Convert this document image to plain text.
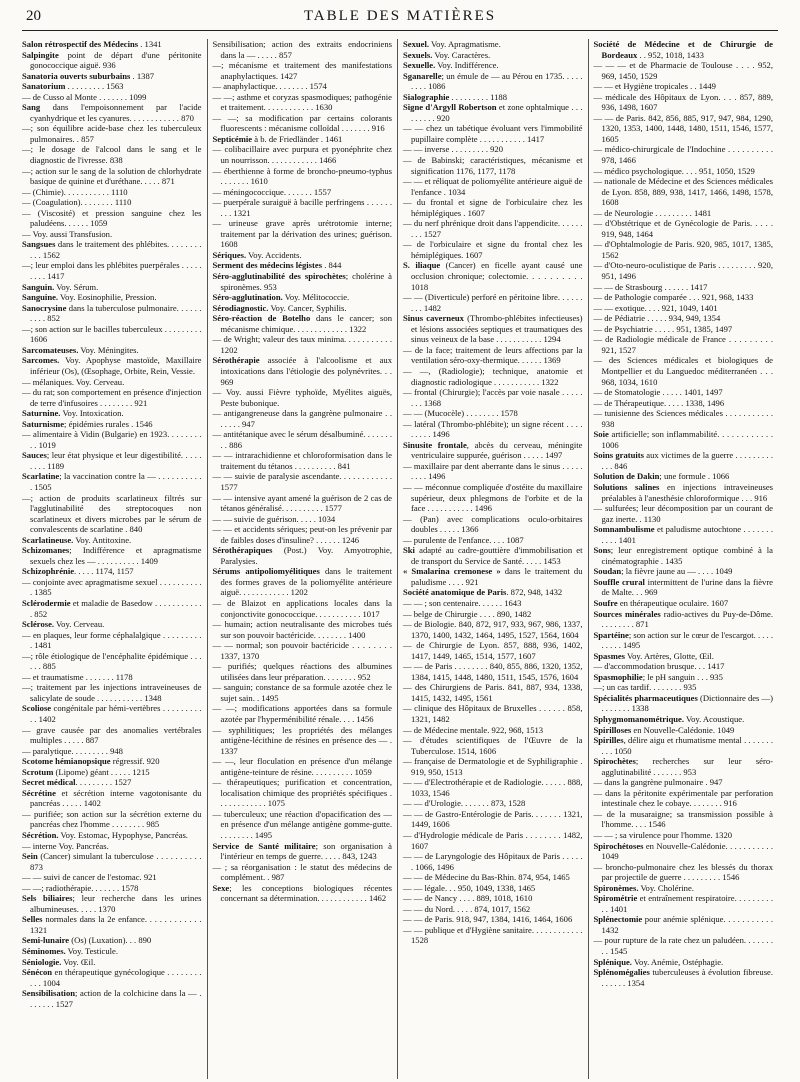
20	TABLE DES MATIÈRES

Salon rétrospectif des Médecins . 1341

Salpingite point de départ d'une péritonite gonococcique aiguë. 936

Sanatoria ouverts suburbains . 1387

Sanatorium . . . . . . . . . 1563

— de Cusso al Monte . . . . . . . 1099

Sang dans l'empoisonnement par l'acide cyanhydrique et les cyanures. . . . . . . . . . . . 870

—; son équilibre acide-base chez les tuberculeux pulmonaires. . 857

—; le dosage de l'alcool dans le sang et le diagnostic de l'ivresse. 838

—; action sur le sang de la solution de chlorhydrate basique de quinine et d'uréthane. . . . . 871

— (Chimie). . . . . . . . . . . 1110

— (Coagulation). . . . . . . . 1110

— (Viscosité) et pression sanguine chez les paludéens. . . . . . 1059

— Voy. aussi Transfusion.

Sangsues dans le traitement des phlébites. . . . . . . . . . . 1562

—; leur emploi dans les phlébites puerpérales . . . . . . . . . 1417

Sanguin. Voy. Sérum.

Sanguine. Voy. Eosinophilie, Pression.

Sanocrysine dans la tuberculose pulmonaire. . . . . . . . . . 852

—; son action sur le bacilles tuberculeux . . . . . . . . . 1606

Sarcomateuses. Voy. Méningites.

Sarcomes. Voy. Apophyse mastoïde, Maxillaire inférieur (Os), (Œsophage, Orbite, Rein, Vessie.

— mélaniques. Voy. Cerveau.

— du rat; son comportement en présence d'injection de terre d'infusoires . . . . . . . . 921

Saturnine. Voy. Intoxication.

Saturnisme; épidémies rurales . 1546

— alimentaire à Vidin (Bulgarie) en 1923. . . . . . . . . . 1019

Sauces; leur état physique et leur digestibilité. . . . . . . . . 1189

Scarlatine; la vaccination contre la — . . . . . . . . . . . 1505

—; action de produits scarlatineux filtrés sur l'agglutinabilité des streptocoques non scarlatineux et divers microbes par le sérum de convalescents de scarlatine . 840

Scarlatineuse. Voy. Antitoxine.

Schizomanes; Indifférence et apragmatisme sexuels chez les — . . . . . . . . . . 1409

Schizophrénie. . . . . 1174, 1157

— conjointe avec apragmatisme sexuel . . . . . . . . . . . 1385

Sclérodermie et maladie de Basedow . . . . . . . . . . . . 852

Sclérose. Voy. Cerveau.

— en plaques, leur forme céphalalgique . . . . . . . . . . 1481

—; rôle étiologique de l'encéphalite épidémique . . . . . . 885

— et traumatisme . . . . . . . 1178

—; traitement par les injections intraveineuses de salicylate de soude . . . . . . . . . . . 1348

Scoliose congénitale par hémi-vertèbres . . . . . . . . . . . 1402

— grave causée par des anomalies vertébrales multiples . . . . . 887

— paralytique. . . . . . . . . 948

Scotome hémianopsique régressif. 920

Scrotum (Lipome) géant . . . . . 1215

Secret médical. . . . . . . . . 1527

Sécrétine et sécrétion interne vagotonisante du pancréas . . . . . 1402

— purifiée; son action sur la sécrétion externe du pancréas chez l'homme . . . . . . . . 985

Sécrétion. Voy. Estomac, Hypophyse, Pancréas.

— interne Voy. Pancréas.

Sein (Cancer) simulant la tuberculose . . . . . . . . . . 873

— — suivi de cancer de l'estomac. 921

— —; radiothérapie. . . . . . . 1578

Sels biliaires; leur recherche dans les urines albumineuses. . . . . 1370

Selles normales dans la 2e enfance. . . . . . . . . . . . 1321

Semi-lunaire (Os) (Luxation). . . 890

Séminomes. Voy. Testicule.

Séniologie. Voy. Œil.

Sénécon en thérapeutique gynécologique . . . . . . . . . . . 1004

Sensibilisation; action de la colchicine dans la — . . . . . . . 1527

Sensibilisation; action des extraits endocriniens dans la — . . . . . 857

—; mécanisme et traitement des manifestations anaphylactiques. 1427

— anaphylactique. . . . . . . . 1574

— —; asthme et coryzas spasmodiques; pathogénie et traitement. . . . . . . . . . . . 1630

— —; sa modification par certains colorants fluorescents : mécanisme colloïdal . . . . . . . 916

Septicémie à b. de Friedländer . 1461

— colibacillaire avec purpura et pyonéphrite chez un nourrisson. . . . . . . . . . . . 1466

— éberthienne à forme de broncho-pneumo-typhus . . . . . . . 1610

— méningococcique. . . . . . . 1557

— puerpérale suraiguë à bacille perfringens . . . . . . . . . 1321

— urineuse grave après urétrotomie interne; traitement par la dérivation des urines; guérison. 1608

Sériques. Voy. Accidents.

Serment des médecins légistes . 844

Séro-agglutinabilité des spirochètes; cholérine à spironèmes. 953

Séro-agglutination. Voy. Mélitococcie.

Sérodiagnostic. Voy. Cancer, Syphilis.

Séro-réaction de Botelho dans le cancer; son mécanisme chimique. . . . . . . . . . . . . 1322

— de Wright; valeur des taux minima. . . . . . . . . . . 1202

Sérothérapie associée à l'alcoolisme et aux intoxications dans l'étiologie des polynévrites. . . 969

— Voy. aussi Fièvre typhoïde, Myélites aiguës, Peste bubonique.

— antigangreneuse dans la gangrène pulmonaire . . . . . . . 947

— antitétanique avec le sérum désalbuminé. . . . . . . . . 886

— — intrarachidienne et chloroformisation dans le traitement du tétanos . . . . . . . . . . 841

— — suivie de paralysie ascendante. . . . . . . . . . . . 1577

— — intensive ayant amené la guérison de 2 cas de tétanos généralisé. . . . . . . . . . 1577

— — suivie de guérison. . . . . 1034

— — et accidents sériques; peut-on les prévenir par de faibles doses d'insuline? . . . . . . 1246

Sérothérapiques (Post.) Voy. Amyotrophie, Paralysies.

Sérums antipoliomyélitiques dans le traitement des formes graves de la poliomyélite antérieure aiguë. . . . . . . . . . . . 1202

— de Blaizot en applications locales dans la conjonctivite gonococcique. . . . . . . . . . . 1017

— humain; action neutralisante des microbes tués sur son pouvoir bactéricide. . . . . . . . 1400

— — normal; son pouvoir bactéricide . . . . . . . . 1337, 1370

— purifiés; quelques réactions des albumines utilisées dans leur préparation. . . . . . . . 952

— sanguin; constance de sa formule azotée chez le sujet sain. . 1495

— —; modifications apportées dans sa formule azotée par l'hyperménibilité rénale. . . . 1456

— syphilitiques; les propriétés des mélanges antigène-lécithine de résines en présence des — . 1337

— —, leur floculation en présence d'un mélange antigène-teinture de résine. . . . . . . . . . 1059

— thérapeutiques; purification et concentration, localisation chimique des propriétés spécifiques . . . . . . . . . . . . 1075

— tuberculeux; une réaction d'opacification des — en présence d'un mélange antigène gomme-gutte. . . . . . . . . 1495

Service de Santé militaire; son organisation à l'intérieur en temps de guerre. . . . . 843, 1243

— ; sa réorganisation : le statut des médecins de complément. . 987

Sexe; les conceptions biologiques récentes concernant sa détermination. . . . . . . . . . . . 1462

Sexuel. Voy. Apragmatisme.

Sexuels. Voy. Caractères.

Sexuelle. Voy. Indifférence.

Sganarelle; un émule de — au Pérou en 1735. . . . . . . . . 1086

Sialographie . . . . . . . . . 1188

Signe d'Argyll Robertson et zone ophtalmique . . . . . . . . . 920

— — chez un tabétique évoluant vers l'immobilité pupillaire complète . . . . . . . . . . . 1417

— — inverse . . . . . . . . . 920

— de Babinski; caractéristiques, mécanisme et signification 1176, 1177, 1178

— — et réliquat de poliomyélite antérieure aiguë de l'enfance . 1034

— du frontal et signe de l'orbiculaire chez les hémiplégiques . 1607

— du nerf phrénique droit dans l'appendicite. . . . . . . . . 1527

— de l'orbiculaire et signe du frontal chez les hémiplégiques. 1607

S. iliaque (Cancer) en ficelle ayant causé une occlusion chronique; colectomie. . . . . . . . . . 1018

— — (Diverticule) perforé en péritoine libre. . . . . . . . . 1482

Sinus caverneux (Thrombo-phlébites infectieuses) et lésions associées septiques et traumatiques des sinus veineux de la base . . . . . . . . . . . 1294

— de la face; traitement de leurs affections par la ventilation séro-oxy-thermique. . . . . . 1369

— —, (Radiologie); technique, anatomie et diagnostic radiologique . . . . . . . . . . . 1322

— frontal (Chirurgie); l'accès par voie nasale . . . . . . . . 1368

— — (Mucocèle) . . . . . . . . 1578

— latéral (Thrombo-phlébite); un signe récent . . . . . . . . . 1496

Sinusite frontale, abcès du cerveau, méningite ventriculaire suppurée, guérison . . . . . 1497

— maxillaire par dent aberrante dans le sinus . . . . . . . . . 1496

— — méconnue compliquée d'ostéite du maxillaire supérieur, deux phlegmons de l'orbite et de la face . . . . . . . . . . . 1496

— (Pan) avec complications oculo-orbitaires doubles . . . . . 1366

— purulente de l'enfance. . . . 1087

Ski adapté au cadre-gouttière d'immobilisation et de transport du Service de Santé. . . . . 1453

« Smalarina cremonese » dans le traitement du paludisme . . . . 921

Société anatomique de Paris. 872, 948, 1432

— — ; son centenaire. . . . . . 1643

— belge de Chirurgie . . . . 890, 1482

— de Biologie. 840, 872, 917, 933, 967, 986, 1337, 1370, 1400, 1432, 1464, 1495, 1527, 1564, 1604

— de Chirurgie de Lyon. 857, 888, 936, 1402, 1417, 1449, 1465, 1514, 1577, 1607

— — de Paris . . . . . . . . 840, 855, 886, 1320, 1352, 1384, 1415, 1448, 1480, 1511, 1545, 1576, 1604

— des Chirurgiens de Paris. 841, 887, 934, 1338, 1415, 1432, 1495, 1561

— clinique des Hôpitaux de Bruxelles . . . . . . 858, 1321, 1482

— de Médecine mentale. 922, 968, 1513

— d'études scientifiques de l'Œuvre de la Tuberculose. 1514, 1606

— française de Dermatologie et de Syphiligraphie . 919, 950, 1513

— — d'Electrothérapie et de Radiologie. . . . . . 888, 1033, 1546

— — d'Urologie. . . . . . . 873, 1528

— — de Gastro-Entérologie de Paris. . . . . . . 1321, 1449, 1606

— d'Hydrologie médicale de Paris . . . . . . . . 1482, 1607

— — de Laryngologie des Hôpitaux de Paris . . . . . . 1066, 1496

— — de Médecine du Bas-Rhin. 874, 954, 1465

— — légale. . . 950, 1049, 1338, 1465

— — de Nancy . . . . 889, 1018, 1610

— — du Nord. . . . . 874, 1017, 1562

— — de Paris. 918, 947, 1384, 1416, 1464, 1606

— — publique et d'Hygiène sanitaire. . . . . . . . . . . . 1528

Société de Médecine et de Chirurgie de Bordeaux . . 952, 1018, 1433

— — — et de Pharmacie de Toulouse . . . . 952, 969, 1450, 1529

— — et Hygiène tropicales . . 1449

— médicale des Hôpitaux de Lyon. . . . 857, 889, 936, 1498, 1607

— — de Paris. 842, 856, 885, 917, 947, 984, 1290, 1320, 1353, 1400, 1448, 1480, 1511, 1546, 1577, 1605

— médico-chirurgicale de l'Indochine . . . . . . . . . . 978, 1466

— médico psychologique. . . . 951, 1050, 1529

— nationale de Médecine et des Sciences médicales de Lyon. 858, 889, 938, 1417, 1466, 1498, 1578, 1608

— de Neurologie . . . . . . . . . 1481

— d'Obstétrique et de Gynécologie de Paris. . . . . 919, 948, 1464

— d'Ophtalmologie de Paris. 920, 985, 1017, 1385, 1562

— d'Oto-neuro-oculistique de Paris . . . . . . . . . 920, 951, 1496

— — de Strasbourg . . . . . . 1417

— de Pathologie comparée . . . 921, 968, 1433

— — exotique. . . . 921, 1049, 1401

— de Pédiatrie . . . . . 934, 949, 1354

— de Psychiatrie . . . . . 951, 1385, 1497

— de Radiologie médicale de France . . . . . . . . . 921, 1527

— des Sciences médicales et biologiques de Montpellier et du Languedoc méditerranéen . . . 968, 1034, 1610

— de Stomatologie . . . . . 1401, 1497

— de Thérapeutique. . . . . 1338, 1496

— tunisienne des Sciences médicales . . . . . . . . . . . 938

Soie artificielle; son inflammabilité. . . . . . . . . . . . 1006

Soins gratuits aux victimes de la guerre . . . . . . . . . . . . 846

Solution de Dakin; une formule . 1066

Solutions salines en injections intraveineuses préalables à l'anesthésie chloroformique . . . 916

— sulfurées; leur décomposition par un courant de gaz inerte. . 1130

Somnambulisme et paludisme autochtone . . . . . . . . . . . 1401

Sons; leur enregistrement optique combiné à la cinématographie . 1435

Soudan; la fièvre jaune au — . . . . 1049

Souffle crural intermittent de l'urine dans la fièvre de Malte. . . 969

Soufre en thérapeutique oculaire. 1607

Sources minérales radio-actives du Puy-de-Dôme. . . . . . . . . 871

Spartéine; son action sur le cœur de l'escargot. . . . . . . . . . 1495

Spasmes Voy. Artères, Glotte, Œil.

— d'accommodation brusque. . . 1417

Spasmophilie; le pH sanguin . . . 935

—; un cas tardif. . . . . . . . 935

Spécialités pharmaceutiques (Dictionnaire des —) . . . . . . . 1338

Sphygmomanométrique. Voy. Acoustique.

Spirilloses en Nouvelle-Calédonie. 1049

Spirilles, délire aigu et rhumatisme mental . . . . . . . . . . 1050

Spirochètes; recherches sur leur séro-agglutinabilité . . . . . . . 953

— dans la gangrène pulmonaire . 947

— dans la péritonite expérimentale par perforation intestinale chez le cobaye. . . . . . . . 916

— de la musaraigne; sa transmission possible à l'homme. . . . 1546

— — ; sa virulence pour l'homme. 1320

Spirochétoses en Nouvelle-Calédonie. . . . . . . . . . . 1049

— broncho-pulmonaire chez les blessés du thorax par projectile de guerre . . . . . . . . . 1546

Spironèmes. Voy. Cholérine.

Spirométrie et entraînement respiratoire. . . . . . . . . . . 1401

Splénectomie pour anémie splénique. . . . . . . . . . . 1432

— pour rupture de la rate chez un paludéen. . . . . . . . . 1545

Splénique. Voy. Anémie, Ostéphagie.

Splénomégalies tuberculeuses à évolution fibreuse. . . . . . . 1354
